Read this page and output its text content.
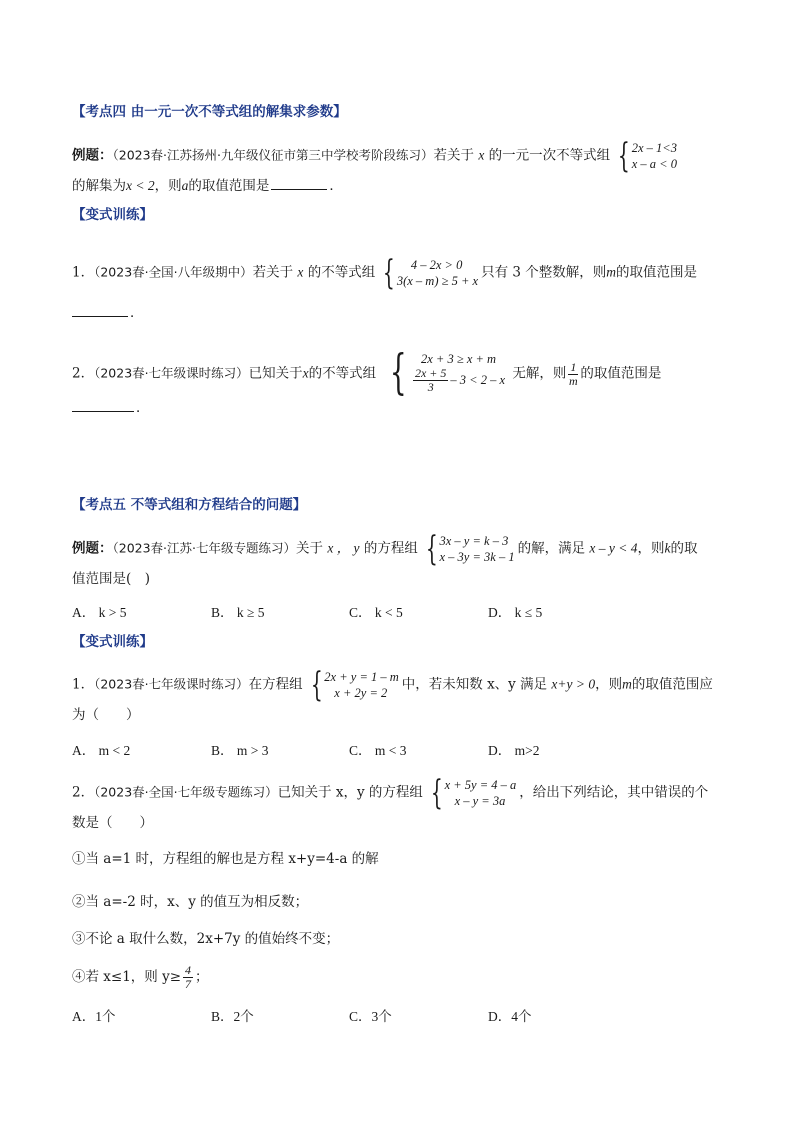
【考点四 由一元一次不等式组的解集求参数】
例题：（2023春·江苏扬州·九年级仪征市第三中学校考阶段练习）若关于 x 的一元一次不等式组 { 2x – 1<3
x – a < 0
的解集为x < 2，则a的取值范围是	．
【变式训练】
1．（2023春·全国·八年级期中）若关于 x 的不等式组 {	4 – 2x > 0
3(x – m) ≥ 5 + x
只有 3 个整数解，则m的取值范围是
．
2．（2023春·七年级课时练习）已知关于x的不等式组 {	2x + 3 ≥ x + m
$\frac{2x + 5}{3} - 3 < 2 - x$ 无解，则 $\frac{1}{m}$ 的取值范围是
．
【考点五 不等式组和方程结合的问题】
例题：（2023春·江苏·七年级专题练习）关于 x ， y 的方程组 { 3x – y = k – 3
x – 3y = 3k – 1
的解，满足 x – y < 4，则k的取
值范围是(　)
A． k > 5	B． k ≥ 5	C． k < 5	D． k ≤ 5
【变式训练】
1．（2023春·七年级课时练习）在方程组 { 2x + y = 1 – m
x + 2y = 2
中，若未知数 x、y 满足 x+y > 0，则m的取值范围应
为（　　）
A． m < 2	B． m > 3	C． m < 3	D． m>2
2．（2023春·全国·七年级专题练习）已知关于 x，y 的方程组 { x + 5y = 4 – a
x – y = 3a
，给出下列结论，其中错误的个
数是（　　）
①当 a=1 时，方程组的解也是方程 x+y=4-a 的解
②当 a=-2 时，x、y 的值互为相反数；
③不论 a 取什么数，2x+7y 的值始终不变；
④若 x≤1，则 $y\ge \frac{4}{7}$ ；
A．1个	B．2个	C．3个	D．4个
